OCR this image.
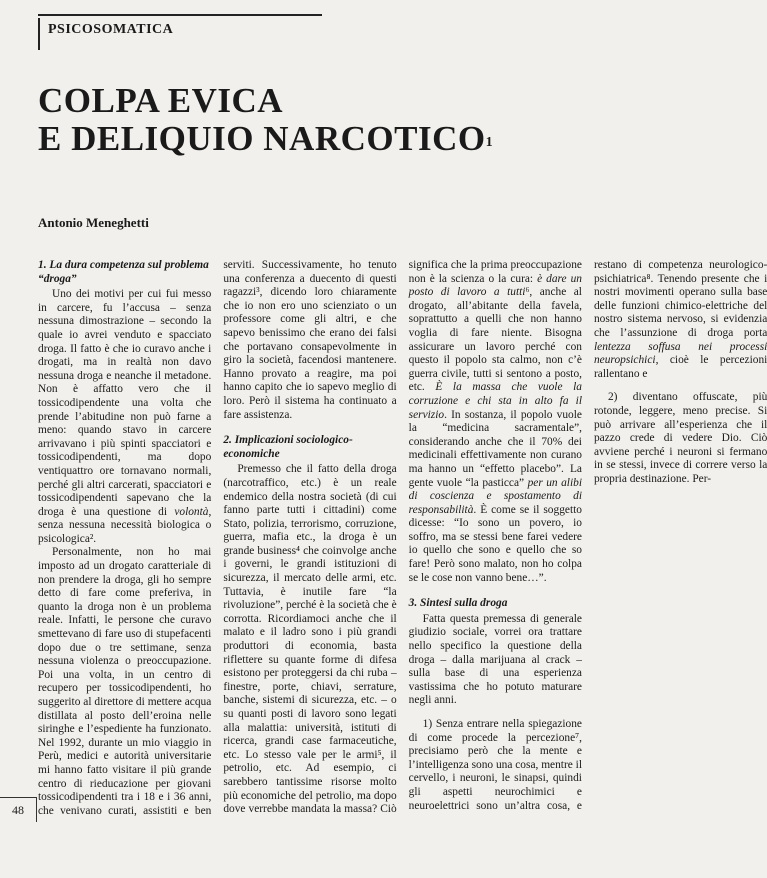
PSICOSOMATICA
COLPA EVICA
E DELIQUIO NARCOTICO$^1$
Antonio Meneghetti
1. La dura competenza sul problema “droga”

Uno dei motivi per cui fui messo in carcere, fu l’accusa – senza nessuna dimostrazione – secondo la quale io avrei venduto e spacciato droga. Il fatto è che io curavo anche i drogati, ma in realtà non davo nessuna droga e neanche il metadone. Non è affatto vero che il tossicodipendente una volta che prende l’abitudine non può farne a meno: quando stavo in carcere arrivavano i più spinti spacciatori e tossicodipendenti, ma dopo ventiquattro ore tornavano normali, perché gli altri carcerati, spacciatori e tossicodipendenti sapevano che la droga è una questione di volontà, senza nessuna necessità biologica o psicologica².

Personalmente, non ho mai imposto ad un drogato caratteriale di non prendere la droga, gli ho sempre detto di fare come preferiva, in quanto la droga non è un problema reale. Infatti, le persone che curavo smettevano di fare uso di stupefacenti dopo due o tre settimane, senza nessuna violenza o preoccupazione. Poi una volta, in un centro di recupero per tossicodipendenti, ho suggerito al direttore di mettere acqua distillata al posto dell’eroina nelle siringhe e l’espediente ha funzionato. Nel 1992, durante un mio viaggio in Perù, medici e autorità universitarie mi hanno fatto visitare il più grande centro di rieducazione per giovani tossicodipendenti tra i 18 e i 36 anni, che venivano curati, assistiti e ben serviti. Successivamente, ho tenuto una conferenza a duecento di questi ragazzi³, dicendo loro chiaramente che io non ero uno scienziato o un professore come gli altri, e che sapevo benissimo che erano dei falsi che portavano consapevolmente in giro la società, facendosi mantenere. Hanno provato a reagire, ma poi hanno capito che io sapevo meglio di loro. Però il sistema ha continuato a fare assistenza.

2. Implicazioni sociologico-economiche

Premesso che il fatto della droga (narcotraffico, etc.) è un reale endemico della nostra società (di cui fanno parte tutti i cittadini) come Stato, polizia, terrorismo, corruzione, guerra, mafia etc., la droga è un grande business⁴ che coinvolge anche i governi, le grandi istituzioni di sicurezza, il mercato delle armi, etc. Tuttavia, è inutile fare “la rivoluzione”, perché è la società che è corrotta. Ricordiamoci anche che il malato e il ladro sono i più grandi produttori di economia, basta riflettere su quante forme di difesa esistono per proteggersi da chi ruba – finestre, porte, chiavi, serrature, banche, sistemi di sicurezza, etc. – o su quanti posti di lavoro sono legati alla malattia: università, istituti di ricerca, grandi case farmaceutiche, etc. Lo stesso vale per le armi⁵, il petrolio, etc. Ad esempio, ci sarebbero tantissime risorse molto più economiche del petrolio, ma dopo dove verrebbe mandata la massa? Ciò significa che la prima preoccupazione non è la scienza o la cura: è dare un posto di lavoro a tutti⁶, anche al drogato, all’abitante della favela, soprattutto a quelli che non hanno voglia di fare niente. Bisogna assicurare un lavoro perché con questo il popolo sta calmo, non c’è guerra civile, tutti si sentono a posto, etc. È la massa che vuole la corruzione e chi sta in alto fa il servizio. In sostanza, il popolo vuole la “medicina sacramentale”, considerando anche che il 70% dei medicinali effettivamente non curano ma hanno un “effetto placebo”. La gente vuole “la pasticca” per un alibi di coscienza e spostamento di responsabilità. È come se il soggetto dicesse: “Io sono un povero, io soffro, ma se stessi bene farei vedere io quello che sono e quello che so fare! Però sono malato, non ho colpa se le cose non vanno bene…”.

3. Sintesi sulla droga

Fatta questa premessa di generale giudizio sociale, vorrei ora trattare nello specifico la questione della droga – dalla marijuana al crack – sulla base di una esperienza vastissima che ho potuto maturare negli anni.

1) Senza entrare nella spiegazione di come procede la percezione⁷, precisiamo però che la mente e l’intelligenza sono una cosa, mentre il cervello, i neuroni, le sinapsi, quindi gli aspetti neurochimici e neuroelettrici sono un’altra cosa, e restano di competenza neurologico-psichiatrica⁸. Tenendo presente che i nostri movimenti operano sulla base delle funzioni chimico-elettriche del nostro sistema nervoso, si evidenzia che l’assunzione di droga porta lentezza soffusa nei processi neuropsichici, cioè le percezioni rallentano e

2) diventano offuscate, più rotonde, leggere, meno precise. Si può arrivare all’esperienza che il pazzo crede di vedere Dio. Ciò avviene perché i neuroni si fermano in se stessi, invece di correre verso la propria destinazione. Per-

48
